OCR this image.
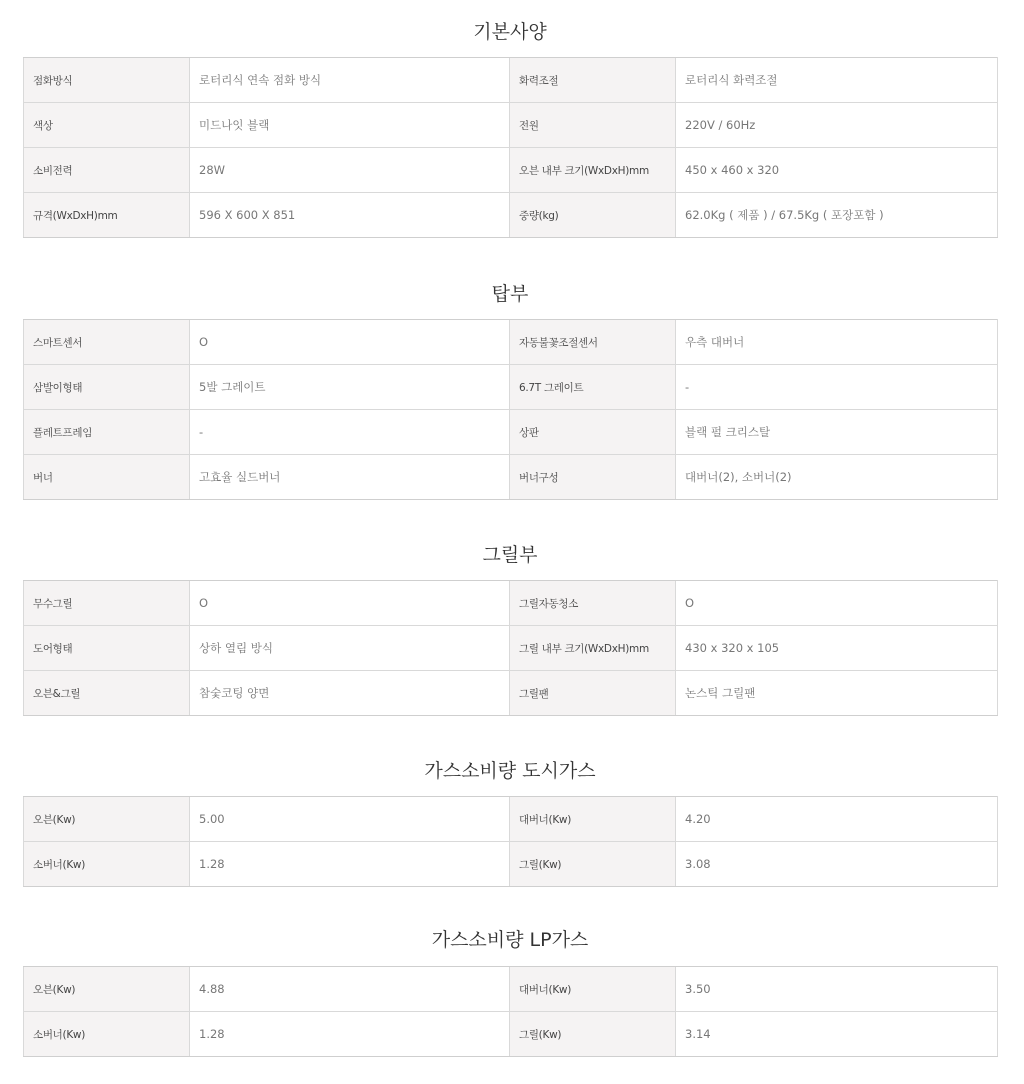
기본사양
점화방식	로터리식 연속 점화 방식	화력조절	로터리식 화력조절
색상	미드나잇 블랙	전원	220V / 60Hz
소비전력	28W	오븐 내부 크기(WxDxH)mm	450 x 460 x 320
규격(WxDxH)mm	596 X 600 X 851	중량(kg)	62.0Kg ( 제품 ) / 67.5Kg ( 포장포함 )
탑부
스마트센서	O	자동불꽃조절센서	우측 대버너
삼발이형태	5발 그레이트	6.7T 그레이트	-
플레트프레임	-	상판	블랙 펄 크리스탈
버너	고효율 실드버너	버너구성	대버너(2), 소버너(2)
그릴부
무수그릴	O	그릴자동청소	O
도어형태	상하 열림 방식	그릴 내부 크기(WxDxH)mm	430 x 320 x 105
오븐&그릴	참숯코팅 양면	그릴팬	논스틱 그릴팬
가스소비량 도시가스
오븐(Kw)	5.00	대버너(Kw)	4.20
소버너(Kw)	1.28	그릴(Kw)	3.08
가스소비량 LP가스
오븐(Kw)	4.88	대버너(Kw)	3.50
소버너(Kw)	1.28	그릴(Kw)	3.14
